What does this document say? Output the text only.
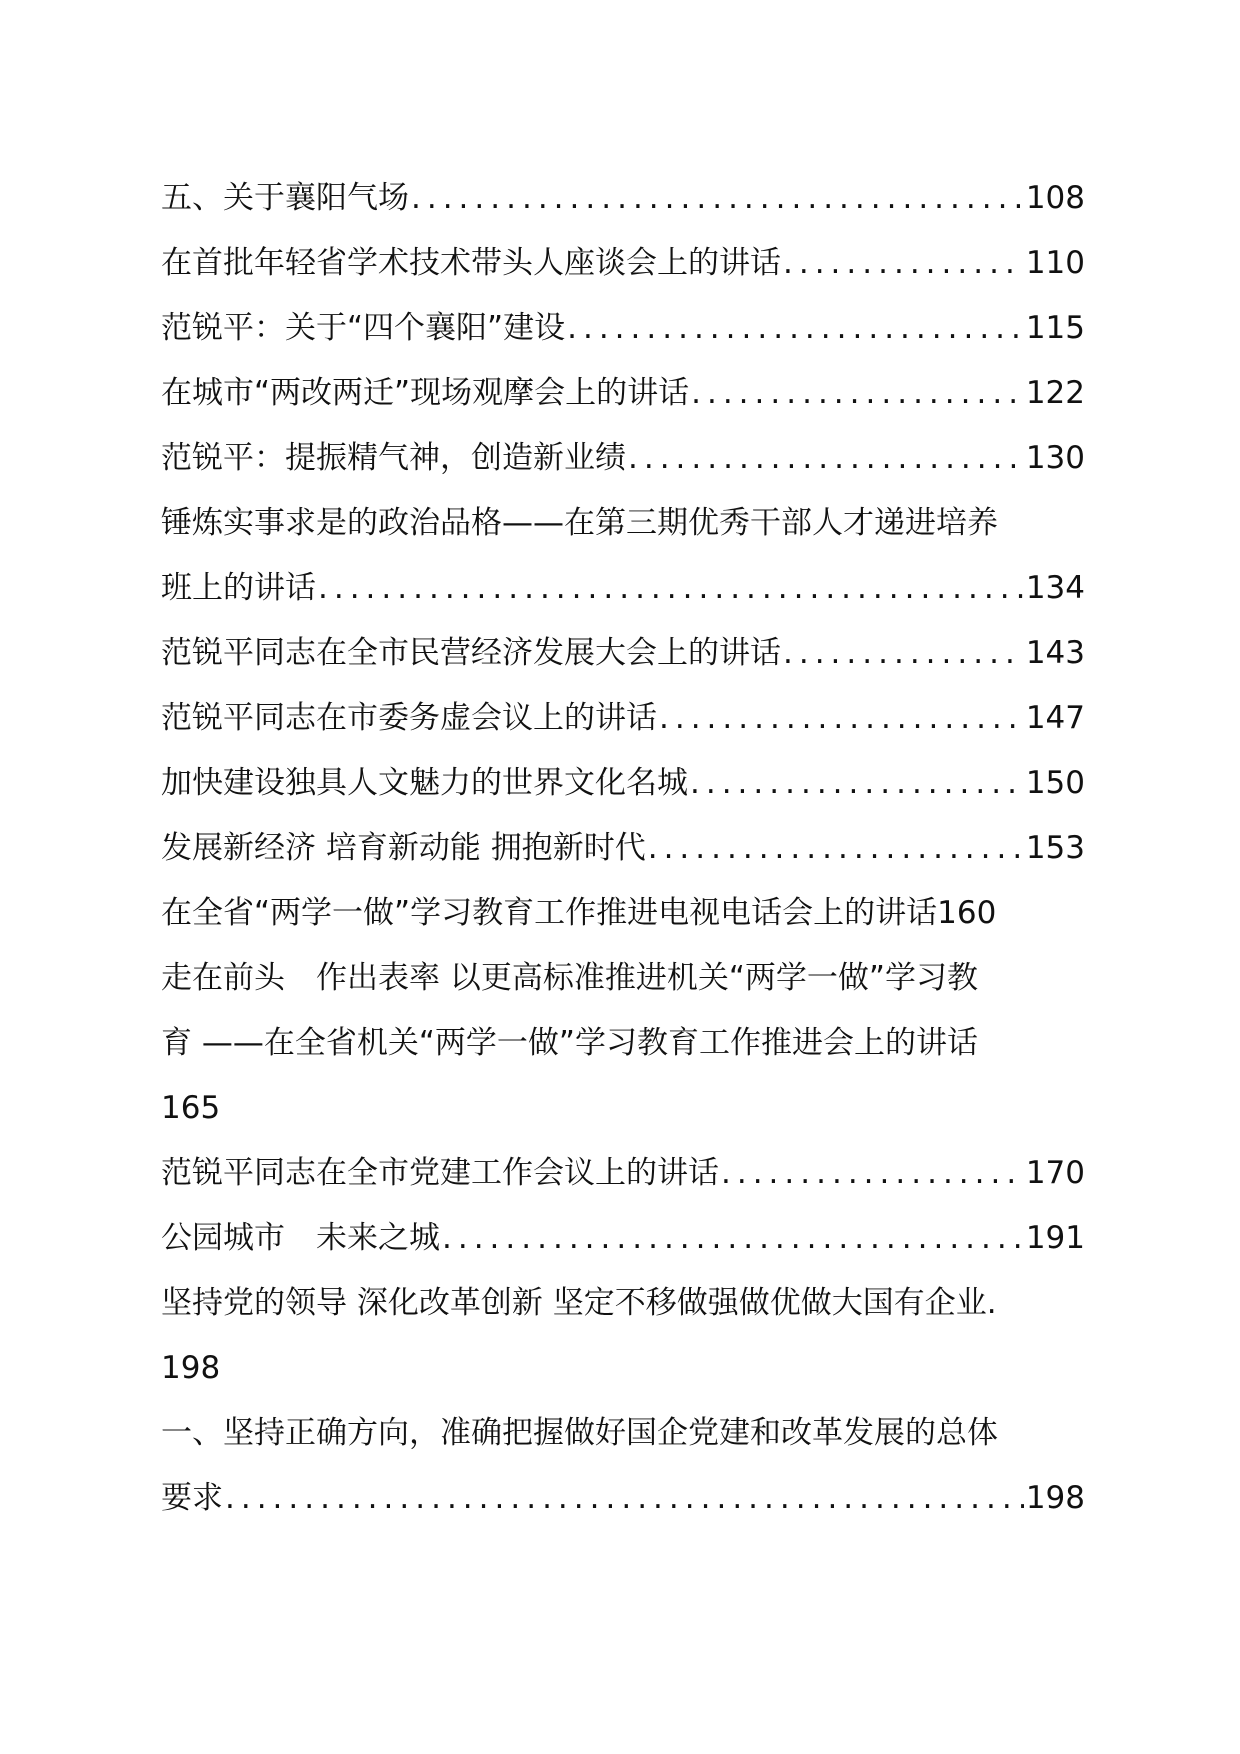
五、关于襄阳气场 .....	108
在首批年轻省学术技术带头人座谈会上的讲话 .....	110
范锐平：关于“四个襄阳”建设 .....	115
在城市“两改两迁”现场观摩会上的讲话 .....	122
范锐平：提振精气神，创造新业绩 .....	130
锤炼实事求是的政治品格——在第三期优秀干部人才递进培养
班上的讲话 .....	134
范锐平同志在全市民营经济发展大会上的讲话 .....	143
范锐平同志在市委务虚会议上的讲话 .....	147
加快建设独具人文魅力的世界文化名城 .....	150
发展新经济 培育新动能 拥抱新时代 .....	153
在全省“两学一做”学习教育工作推进电视电话会上的讲话160
走在前头　作出表率 以更高标准推进机关“两学一做”学习教
育 ——在全省机关“两学一做”学习教育工作推进会上的讲话
165
范锐平同志在全市党建工作会议上的讲话 .....	170
公园城市　未来之城 .....	191
坚持党的领导 深化改革创新 坚定不移做强做优做大国有企业.
198
一、坚持正确方向，准确把握做好国企党建和改革发展的总体
要求 .....	198
